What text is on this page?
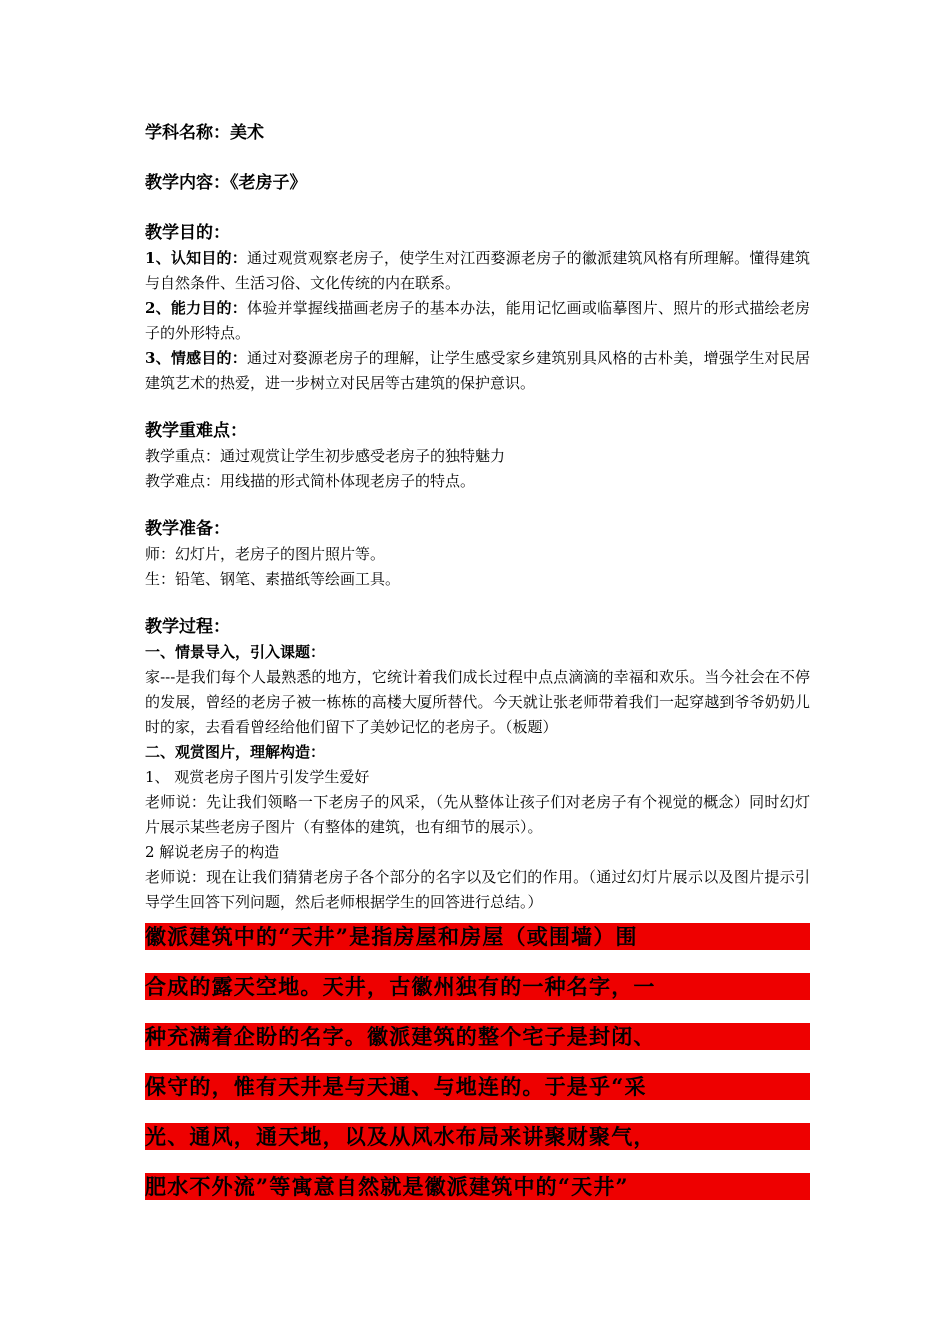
学科名称：美术

教学内容：《老房子》

教学目的：

1、认知目的：通过观赏观察老房子，使学生对江西婺源老房子的徽派建筑风格有所理解。懂得建筑与自然条件、生活习俗、文化传统的内在联系。

2、能力目的：体验并掌握线描画老房子的基本办法，能用记忆画或临摹图片、照片的形式描绘老房子的外形特点。

3、情感目的：通过对婺源老房子的理解，让学生感受家乡建筑别具风格的古朴美，增强学生对民居建筑艺术的热爱，进一步树立对民居等古建筑的保护意识。

教学重难点：

教学重点：通过观赏让学生初步感受老房子的独特魅力

教学难点：用线描的形式简朴体现老房子的特点。

教学准备：

师：幻灯片，老房子的图片照片等。

生：铅笔、钢笔、素描纸等绘画工具。

教学过程：

一、情景导入，引入课题：

家---是我们每个人最熟悉的地方，它统计着我们成长过程中点点滴滴的幸福和欢乐。当今社会在不停的发展，曾经的老房子被一栋栋的高楼大厦所替代。今天就让张老师带着我们一起穿越到爷爷奶奶儿时的家，去看看曾经给他们留下了美妙记忆的老房子。（板题）

二、观赏图片，理解构造：

1、 观赏老房子图片引发学生爱好

老师说：先让我们领略一下老房子的风采，（先从整体让孩子们对老房子有个视觉的概念）同时幻灯片展示某些老房子图片（有整体的建筑，也有细节的展示）。

2 解说老房子的构造

老师说：现在让我们猜猜老房子各个部分的名字以及它们的作用。（通过幻灯片展示以及图片提示引导学生回答下列问题，然后老师根据学生的回答进行总结。）

徽派建筑中的“天井”是指房屋和房屋（或围墙）围
合成的露天空地。天井，古徽州独有的一种名字，一
种充满着企盼的名字。徽派建筑的整个宅子是封闭、
保守的，惟有天井是与天通、与地连的。于是乎“采
光、通风，通天地，以及从风水布局来讲聚财聚气，
肥水不外流”等寓意自然就是徽派建筑中的“天井”
